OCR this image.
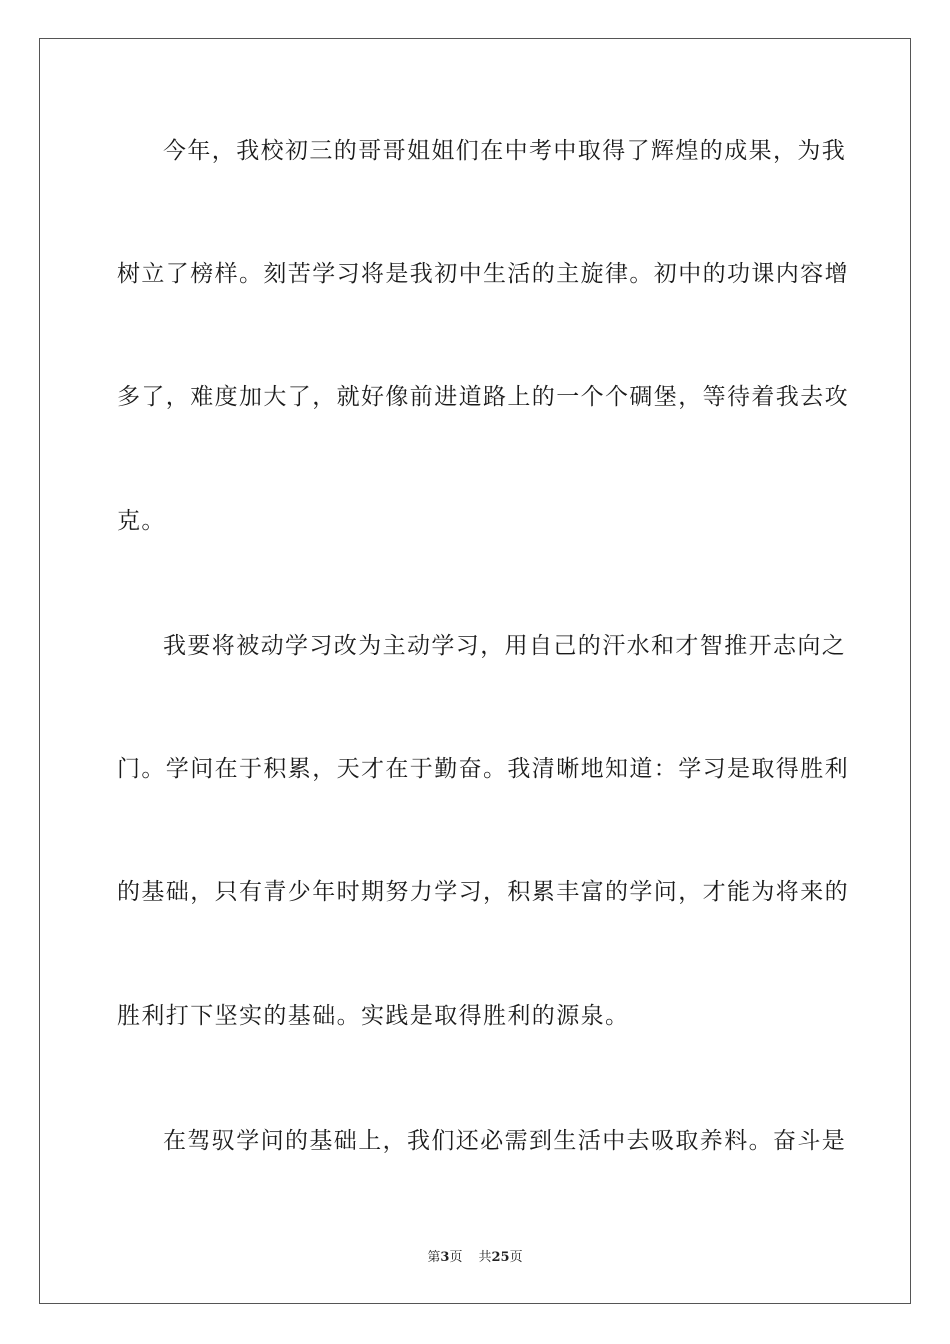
今年，我校初三的哥哥姐姐们在中考中取得了辉煌的成果，为我
树立了榜样。刻苦学习将是我初中生活的主旋律。初中的功课内容增
多了，难度加大了，就好像前进道路上的一个个碉堡，等待着我去攻
克。
我要将被动学习改为主动学习，用自己的汗水和才智推开志向之
门。学问在于积累，天才在于勤奋。我清晰地知道：学习是取得胜利
的基础，只有青少年时期努力学习，积累丰富的学问，才能为将来的
胜利打下坚实的基础。实践是取得胜利的源泉。
在驾驭学问的基础上，我们还必需到生活中去吸取养料。奋斗是
第3页 共25页
